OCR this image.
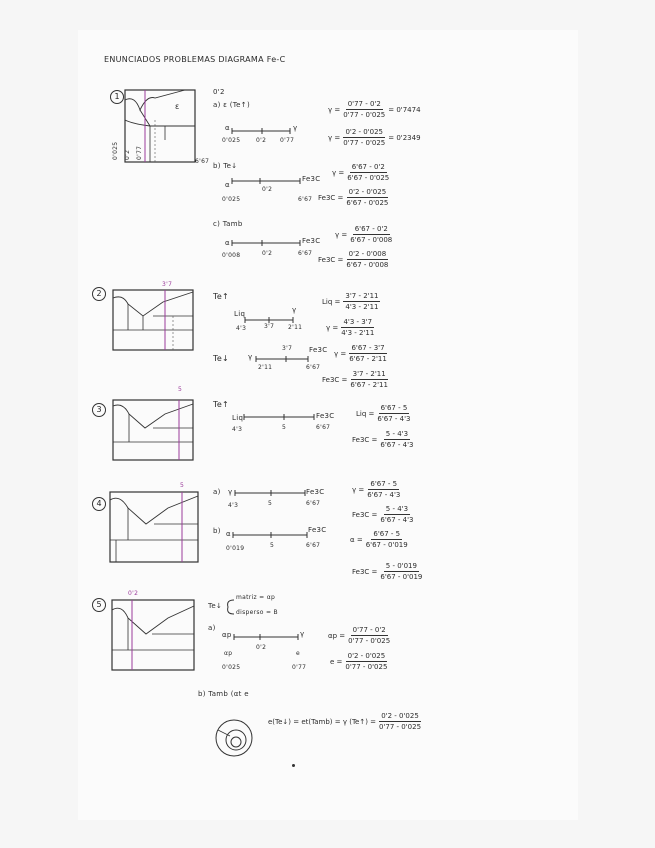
ENUNCIADOS PROBLEMAS DIAGRAMA Fe-C
1
ε
0'025 0'2 0'77
6'67
0'2
a) ε (Te↑)
α	γ
0'025	0'2 0'77
$\gamma = \frac{0'77 - 0'2}{0'77 - 0'025} = 0'7474$
$\gamma = \frac{0'2 - 0'025}{0'77 - 0'025} = 0'2349$
b) Te↓
α
Fe3C
0'2
0'025	6'67
$\gamma = \frac{6'67 - 0'2}{6'67 - 0'025}$
$Fe3C = \frac{0'2 - 0'025}{6'67 - 0'025}$
c) Tamb
α	Fe3C
0'008	0'2	6'67
$\gamma = \frac{6'67 - 0'2}{6'67 - 0'008}$
$Fe3C = \frac{0'2 - 0'008}{6'67 - 0'008}$
2
3'7
Te↑
Liq	γ
4'3	3'7 2'11
Liq = $\frac{3'7 - 2'11}{4'3 - 2'11}$
$\gamma = \frac{4'3 - 3'7}{4'3 - 2'11}$
Te↓	γ
Fe3C
2'11
3'7
6'67
$\gamma = \frac{6'67 - 3'7}{6'67 - 2'11}$
$Fe3C = \frac{3'7 - 2'11}{6'67 - 2'11}$
3
5
Te↑
Liq	Fe3C
4'3	5	6'67
Liq = $\frac{6'67 - 5}{6'67 - 4'3}$
$Fe3C = \frac{5 - 4'3}{6'67 - 4'3}$
4
5
a) γ	Fe3C
4'3	5	6'67
$\gamma = \frac{6'67 - 5}{6'67 - 4'3}$
$Fe3C = \frac{5 - 4'3}{6'67 - 4'3}$
b) α	Fe3C
0'019	5	6'67
$\alpha = \frac{6'67 - 5}{6'67 - 0'019}$
$Fe3C = \frac{5 - 0'019}{6'67 - 0'019}$
5
0'2
Te↓
matriz = αp
disperso = B
a)
αp	γ
0'2
αp	e
0'025	0'77
$\alpha p = \frac{0'77 - 0'2}{0'77 - 0'025}$
$e = \frac{0'2 - 0'025}{0'77 - 0'025}$
b) Tamb (αt e
e(Te↓) = et(Tamb) = γ (Te↑) = $\frac{0'2 - 0'025}{0'77 - 0'025}$
